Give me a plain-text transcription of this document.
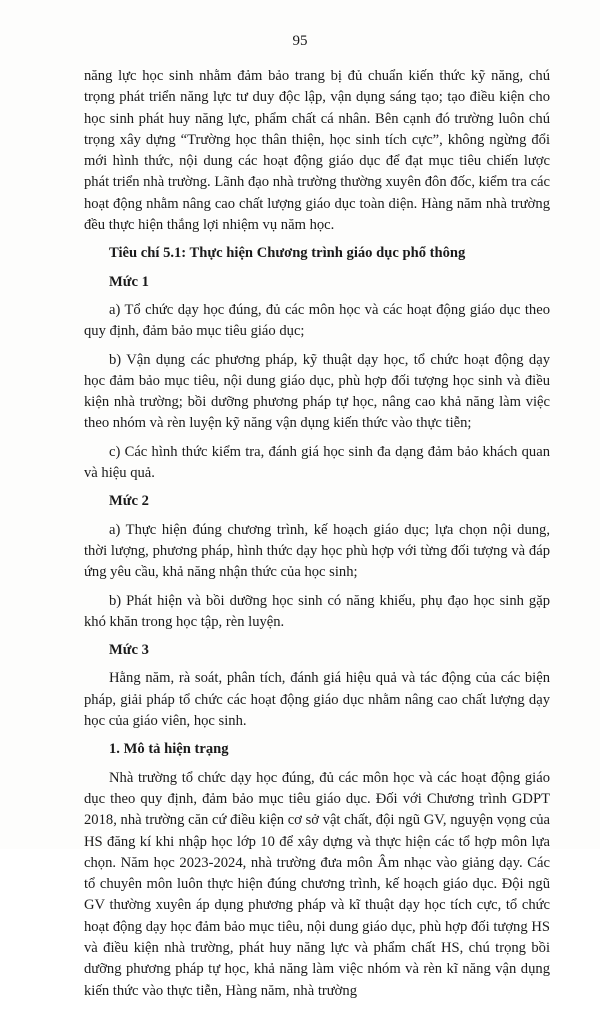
95

năng lực học sinh nhằm đảm bảo trang bị đủ chuẩn kiến thức kỹ năng, chú trọng phát triển năng lực tư duy độc lập, vận dụng sáng tạo; tạo điều kiện cho học sinh phát huy năng lực, phẩm chất cá nhân. Bên cạnh đó trường luôn chú trọng xây dựng “Trường học thân thiện, học sinh tích cực”, không ngừng đổi mới hình thức, nội dung các hoạt động giáo dục để đạt mục tiêu chiến lược phát triển nhà trường. Lãnh đạo nhà trường thường xuyên đôn đốc, kiểm tra các hoạt động nhằm nâng cao chất lượng giáo dục toàn diện. Hàng năm nhà trường đều thực hiện thắng lợi nhiệm vụ năm học.

Tiêu chí 5.1: Thực hiện Chương trình giáo dục phổ thông

Mức 1

a) Tổ chức dạy học đúng, đủ các môn học và các hoạt động giáo dục theo quy định, đảm bảo mục tiêu giáo dục;

b) Vận dụng các phương pháp, kỹ thuật dạy học, tổ chức hoạt động dạy học đảm bảo mục tiêu, nội dung giáo dục, phù hợp đối tượng học sinh và điều kiện nhà trường; bồi dưỡng phương pháp tự học, nâng cao khả năng làm việc theo nhóm và rèn luyện kỹ năng vận dụng kiến thức vào thực tiễn;

c) Các hình thức kiểm tra, đánh giá học sinh đa dạng đảm bảo khách quan và hiệu quả.

Mức 2

a) Thực hiện đúng chương trình, kế hoạch giáo dục; lựa chọn nội dung, thời lượng, phương pháp, hình thức dạy học phù hợp với từng đối tượng và đáp ứng yêu cầu, khả năng nhận thức của học sinh;

b) Phát hiện và bồi dưỡng học sinh có năng khiếu, phụ đạo học sinh gặp khó khăn trong học tập, rèn luyện.

Mức 3

Hằng năm, rà soát, phân tích, đánh giá hiệu quả và tác động của các biện pháp, giải pháp tổ chức các hoạt động giáo dục nhằm nâng cao chất lượng dạy học của giáo viên, học sinh.

1. Mô tả hiện trạng

Nhà trường tổ chức dạy học đúng, đủ các môn học và các hoạt động giáo dục theo quy định, đảm bảo mục tiêu giáo dục. Đối với Chương trình GDPT 2018, nhà trường căn cứ điều kiện cơ sở vật chất, đội ngũ GV, nguyện vọng của HS đăng kí khi nhập học lớp 10 để xây dựng và thực hiện các tổ hợp môn lựa chọn. Năm học 2023-2024, nhà trường đưa môn Âm nhạc vào giảng dạy. Các tổ chuyên môn luôn thực hiện đúng chương trình, kế hoạch giáo dục. Đội ngũ GV thường xuyên áp dụng phương pháp và kĩ thuật dạy học tích cực, tổ chức hoạt động dạy học đảm bảo mục tiêu, nội dung giáo dục, phù hợp đối tượng HS và điều kiện nhà trường, phát huy năng lực và phẩm chất HS, chú trọng bồi dưỡng phương pháp tự học, khả năng làm việc nhóm và rèn kĩ năng vận dụng kiến thức vào thực tiễn, Hàng năm, nhà trường
